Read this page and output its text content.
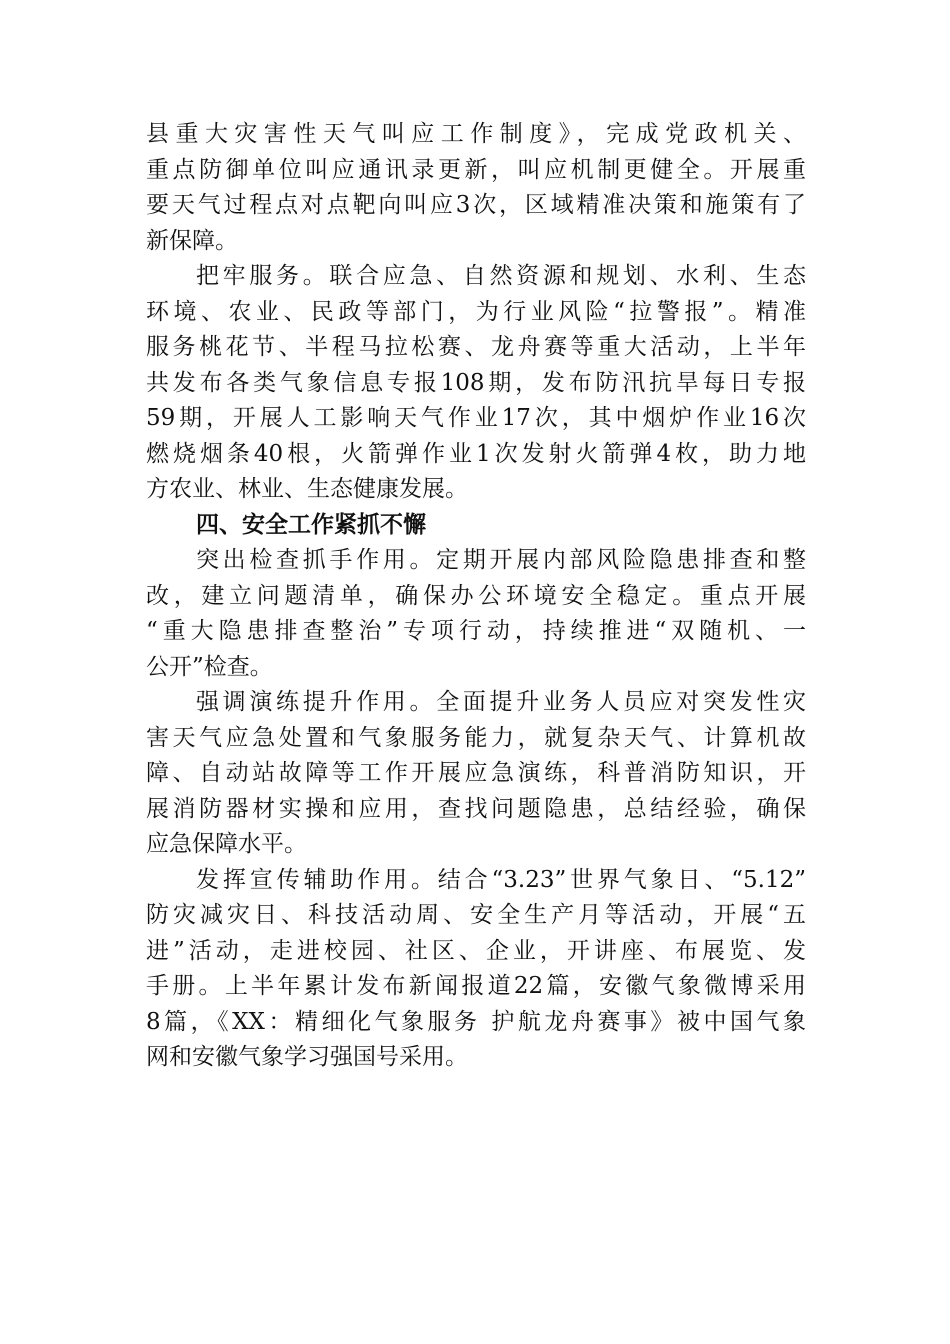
县重大灾害性天气叫应工作制度》，完成党政机关、
重点防御单位叫应通讯录更新，叫应机制更健全。开展重
要天气过程点对点靶向叫应3次，区域精准决策和施策有了
新保障。
把牢服务。联合应急、自然资源和规划、水利、生态
环境、农业、民政等部门，为行业风险“拉警报”。精准
服务桃花节、半程马拉松赛、龙舟赛等重大活动，上半年
共发布各类气象信息专报108期，发布防汛抗旱每日专报
59期，开展人工影响天气作业17次，其中烟炉作业16次
燃烧烟条40根，火箭弹作业1次发射火箭弹4枚，助力地
方农业、林业、生态健康发展。
四、安全工作紧抓不懈
突出检查抓手作用。定期开展内部风险隐患排查和整
改，建立问题清单，确保办公环境安全稳定。重点开展
“重大隐患排查整治”专项行动，持续推进“双随机、一
公开”检查。
强调演练提升作用。全面提升业务人员应对突发性灾
害天气应急处置和气象服务能力，就复杂天气、计算机故
障、自动站故障等工作开展应急演练，科普消防知识，开
展消防器材实操和应用，查找问题隐患，总结经验，确保
应急保障水平。
发挥宣传辅助作用。结合“3.23”世界气象日、“5.12”
防灾减灾日、科技活动周、安全生产月等活动，开展“五
进”活动，走进校园、社区、企业，开讲座、布展览、发
手册。上半年累计发布新闻报道22篇，安徽气象微博采用
8篇，《XX：精细化气象服务 护航龙舟赛事》被中国气象
网和安徽气象学习强国号采用。
